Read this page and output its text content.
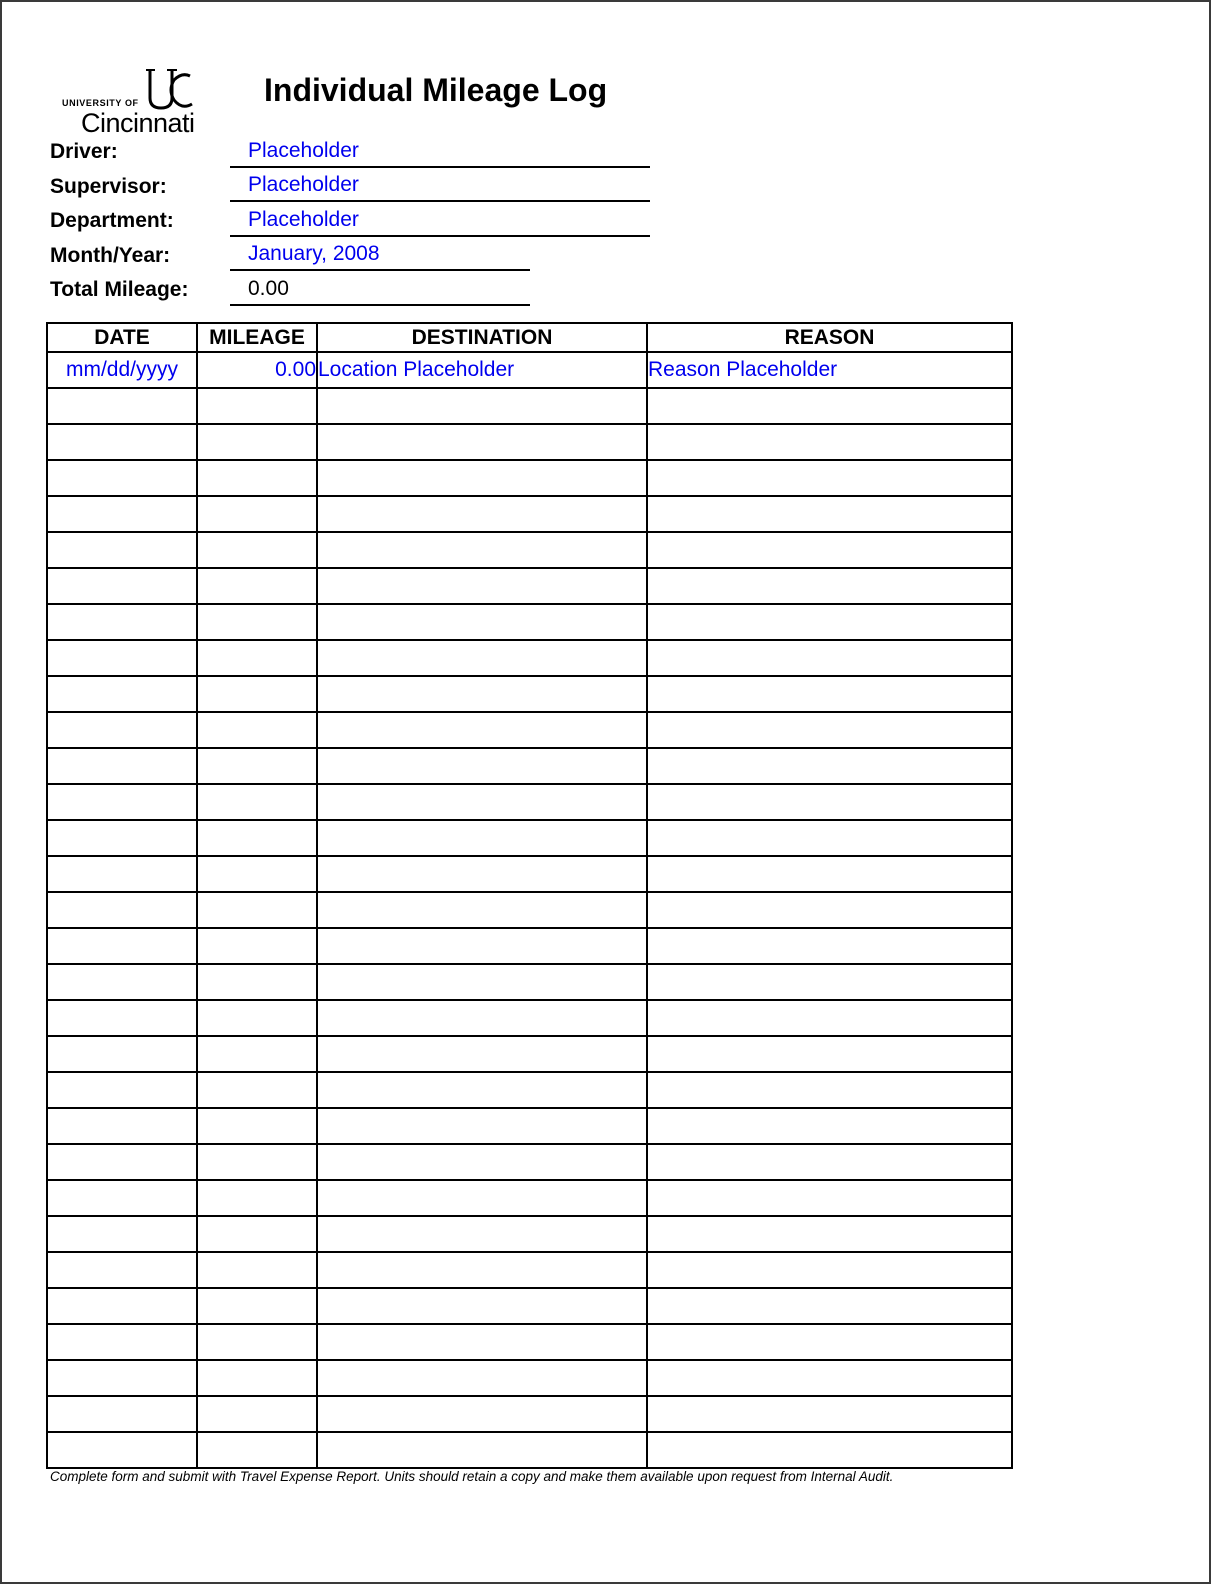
UNIVERSITY OF
Cincinnati
Individual Mileage Log
Driver:	Placeholder
Supervisor:	Placeholder
Department:	Placeholder
Month/Year:	January, 2008
Total Mileage:	0.00
DATE	MILEAGE	DESTINATION	REASON
mm/dd/yyyy	0.00	Location Placeholder	Reason Placeholder

Complete form and submit with Travel Expense Report. Units should retain a copy and make them available upon request from Internal Audit.
